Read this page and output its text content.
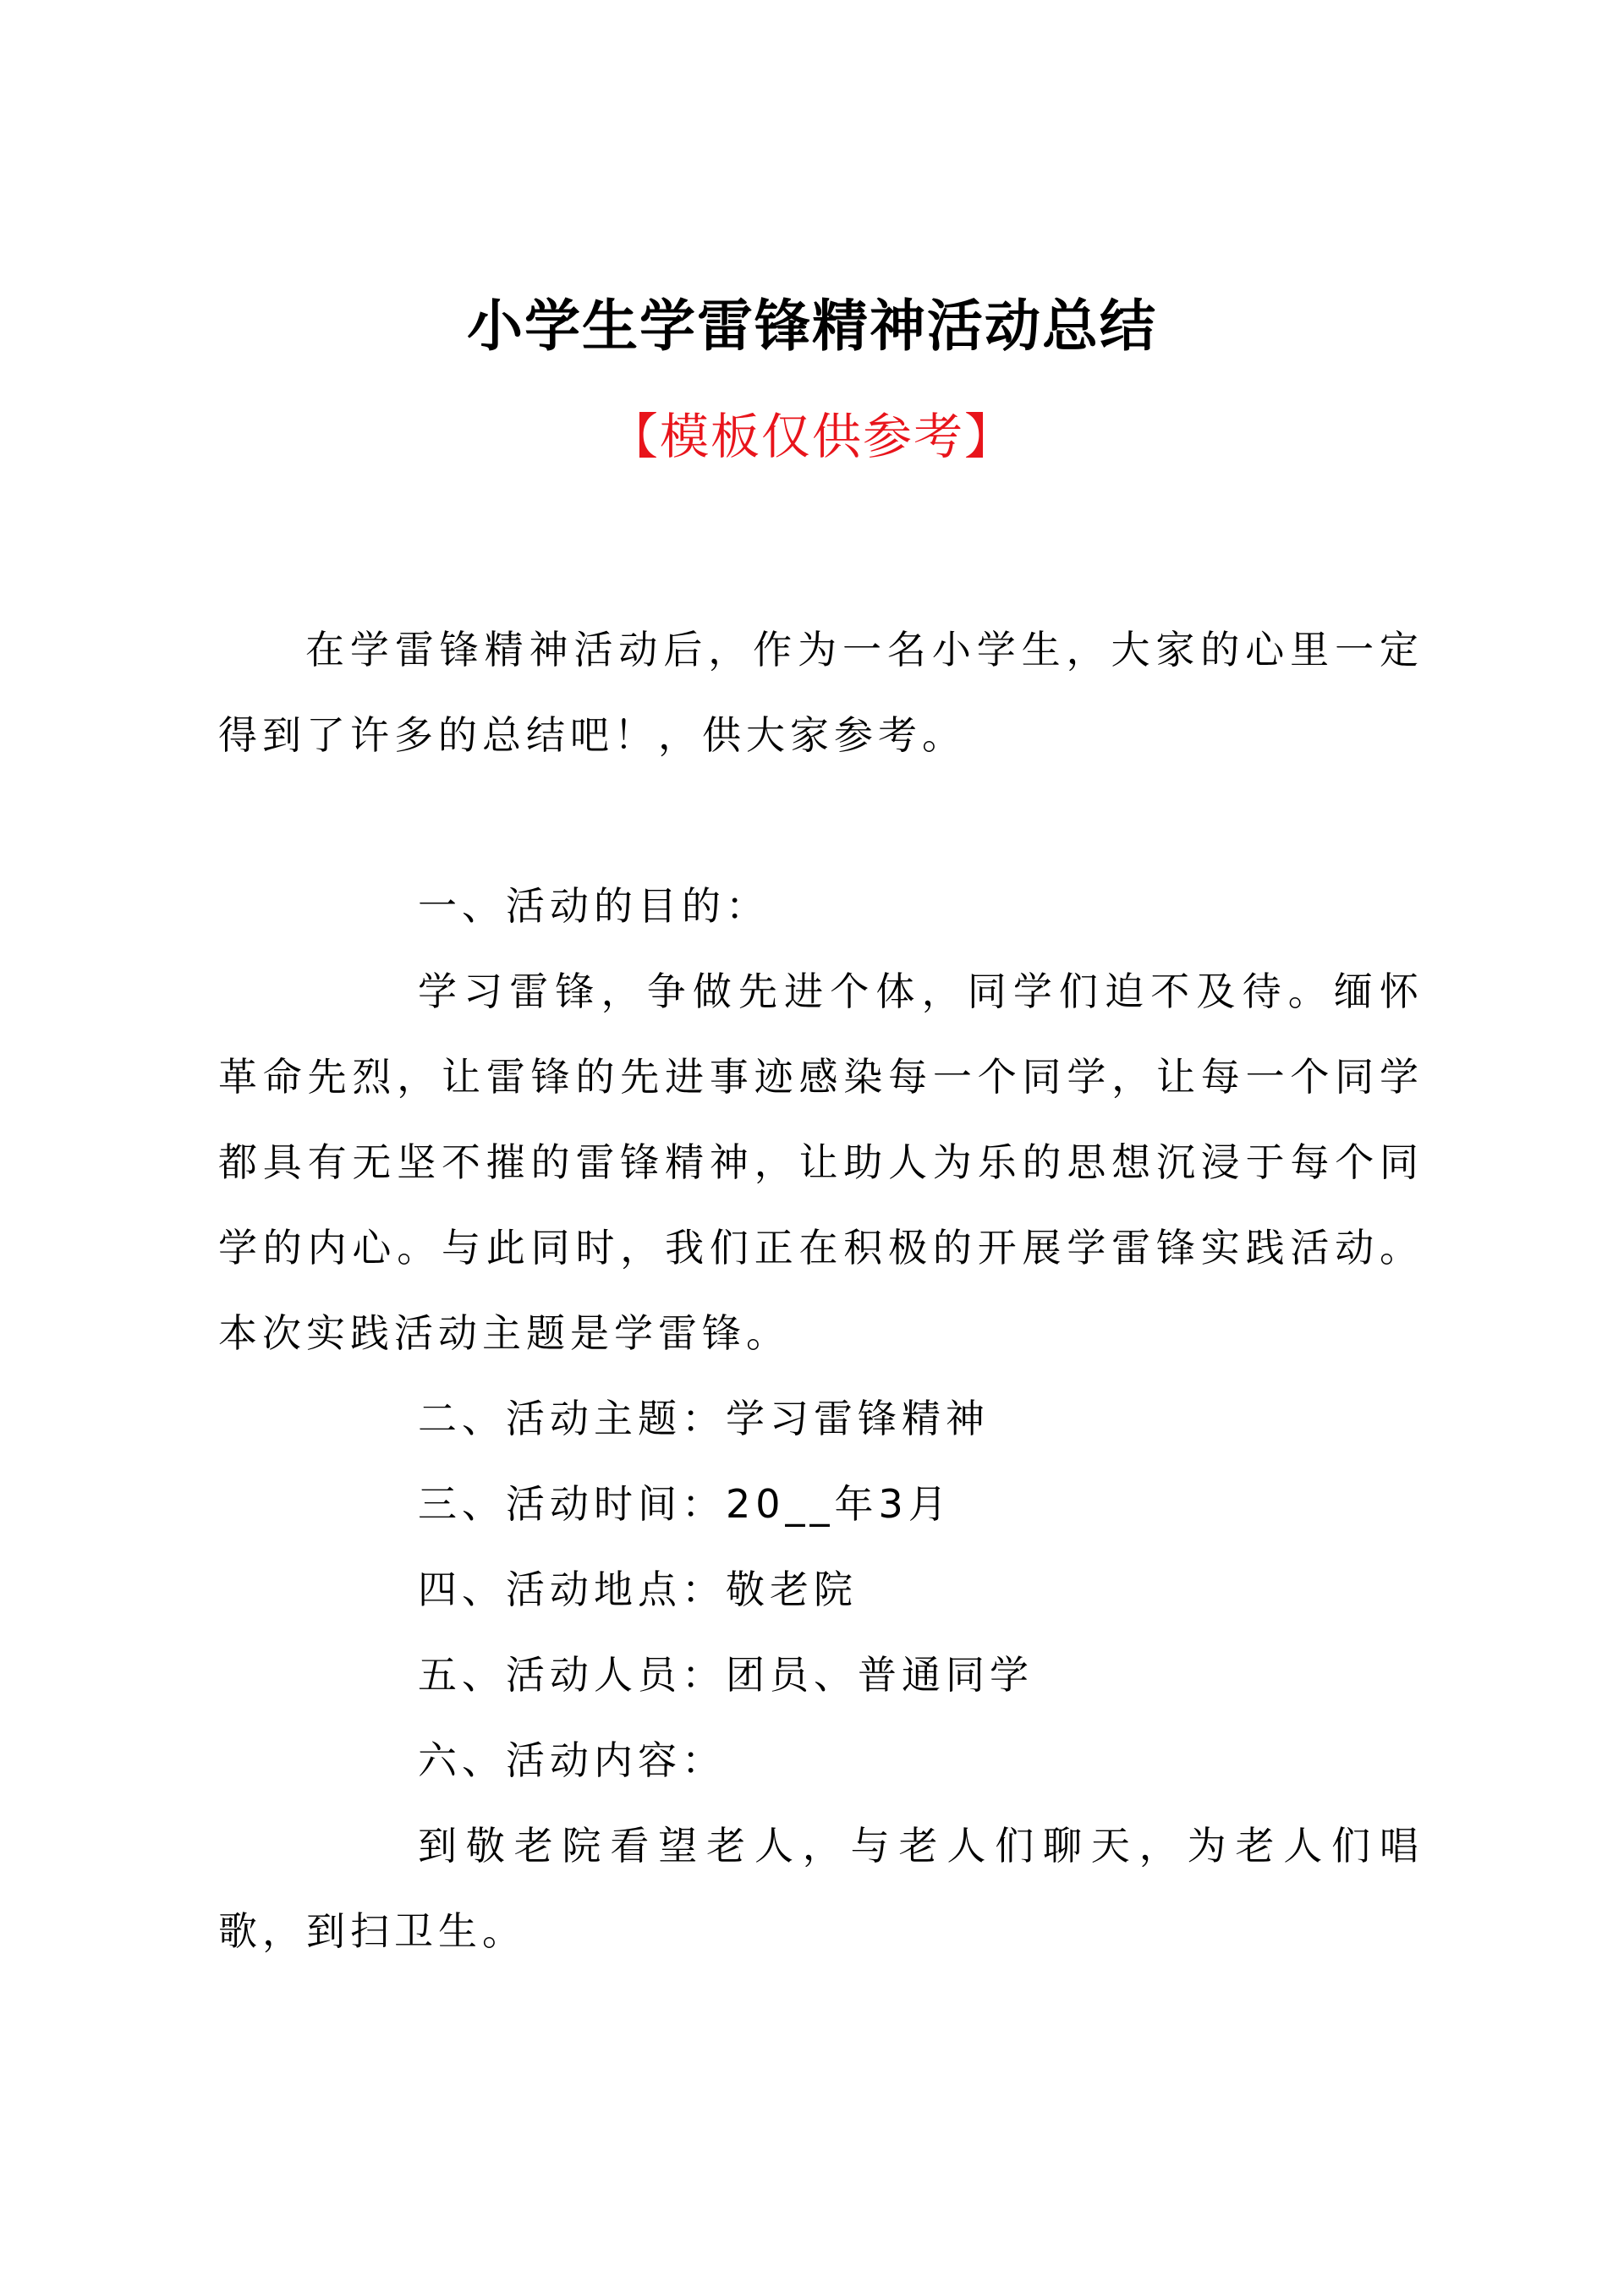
小学生学雷锋精神活动总结
【模板仅供参考】

在学雷锋精神活动后，作为一名小学生，大家的心里一定得到了许多的总结吧！，供大家参考。

一、活动的目的：

学习雷锋，争做先进个体，同学们迫不及待。缅怀革命先烈，让雷锋的先进事迹感染每一个同学，让每一个同学都具有无坚不摧的雷锋精神，让助人为乐的思想沉浸于每个同学的内心。与此同时，我们正在积极的开展学雷锋实践活动。本次实践活动主题是学雷锋。

二、活动主题：学习雷锋精神

三、活动时间：20__年3月

四、活动地点：敬老院

五、活动人员：团员、普通同学

六、活动内容：

到敬老院看望老人，与老人们聊天，为老人们唱歌，到扫卫生。
